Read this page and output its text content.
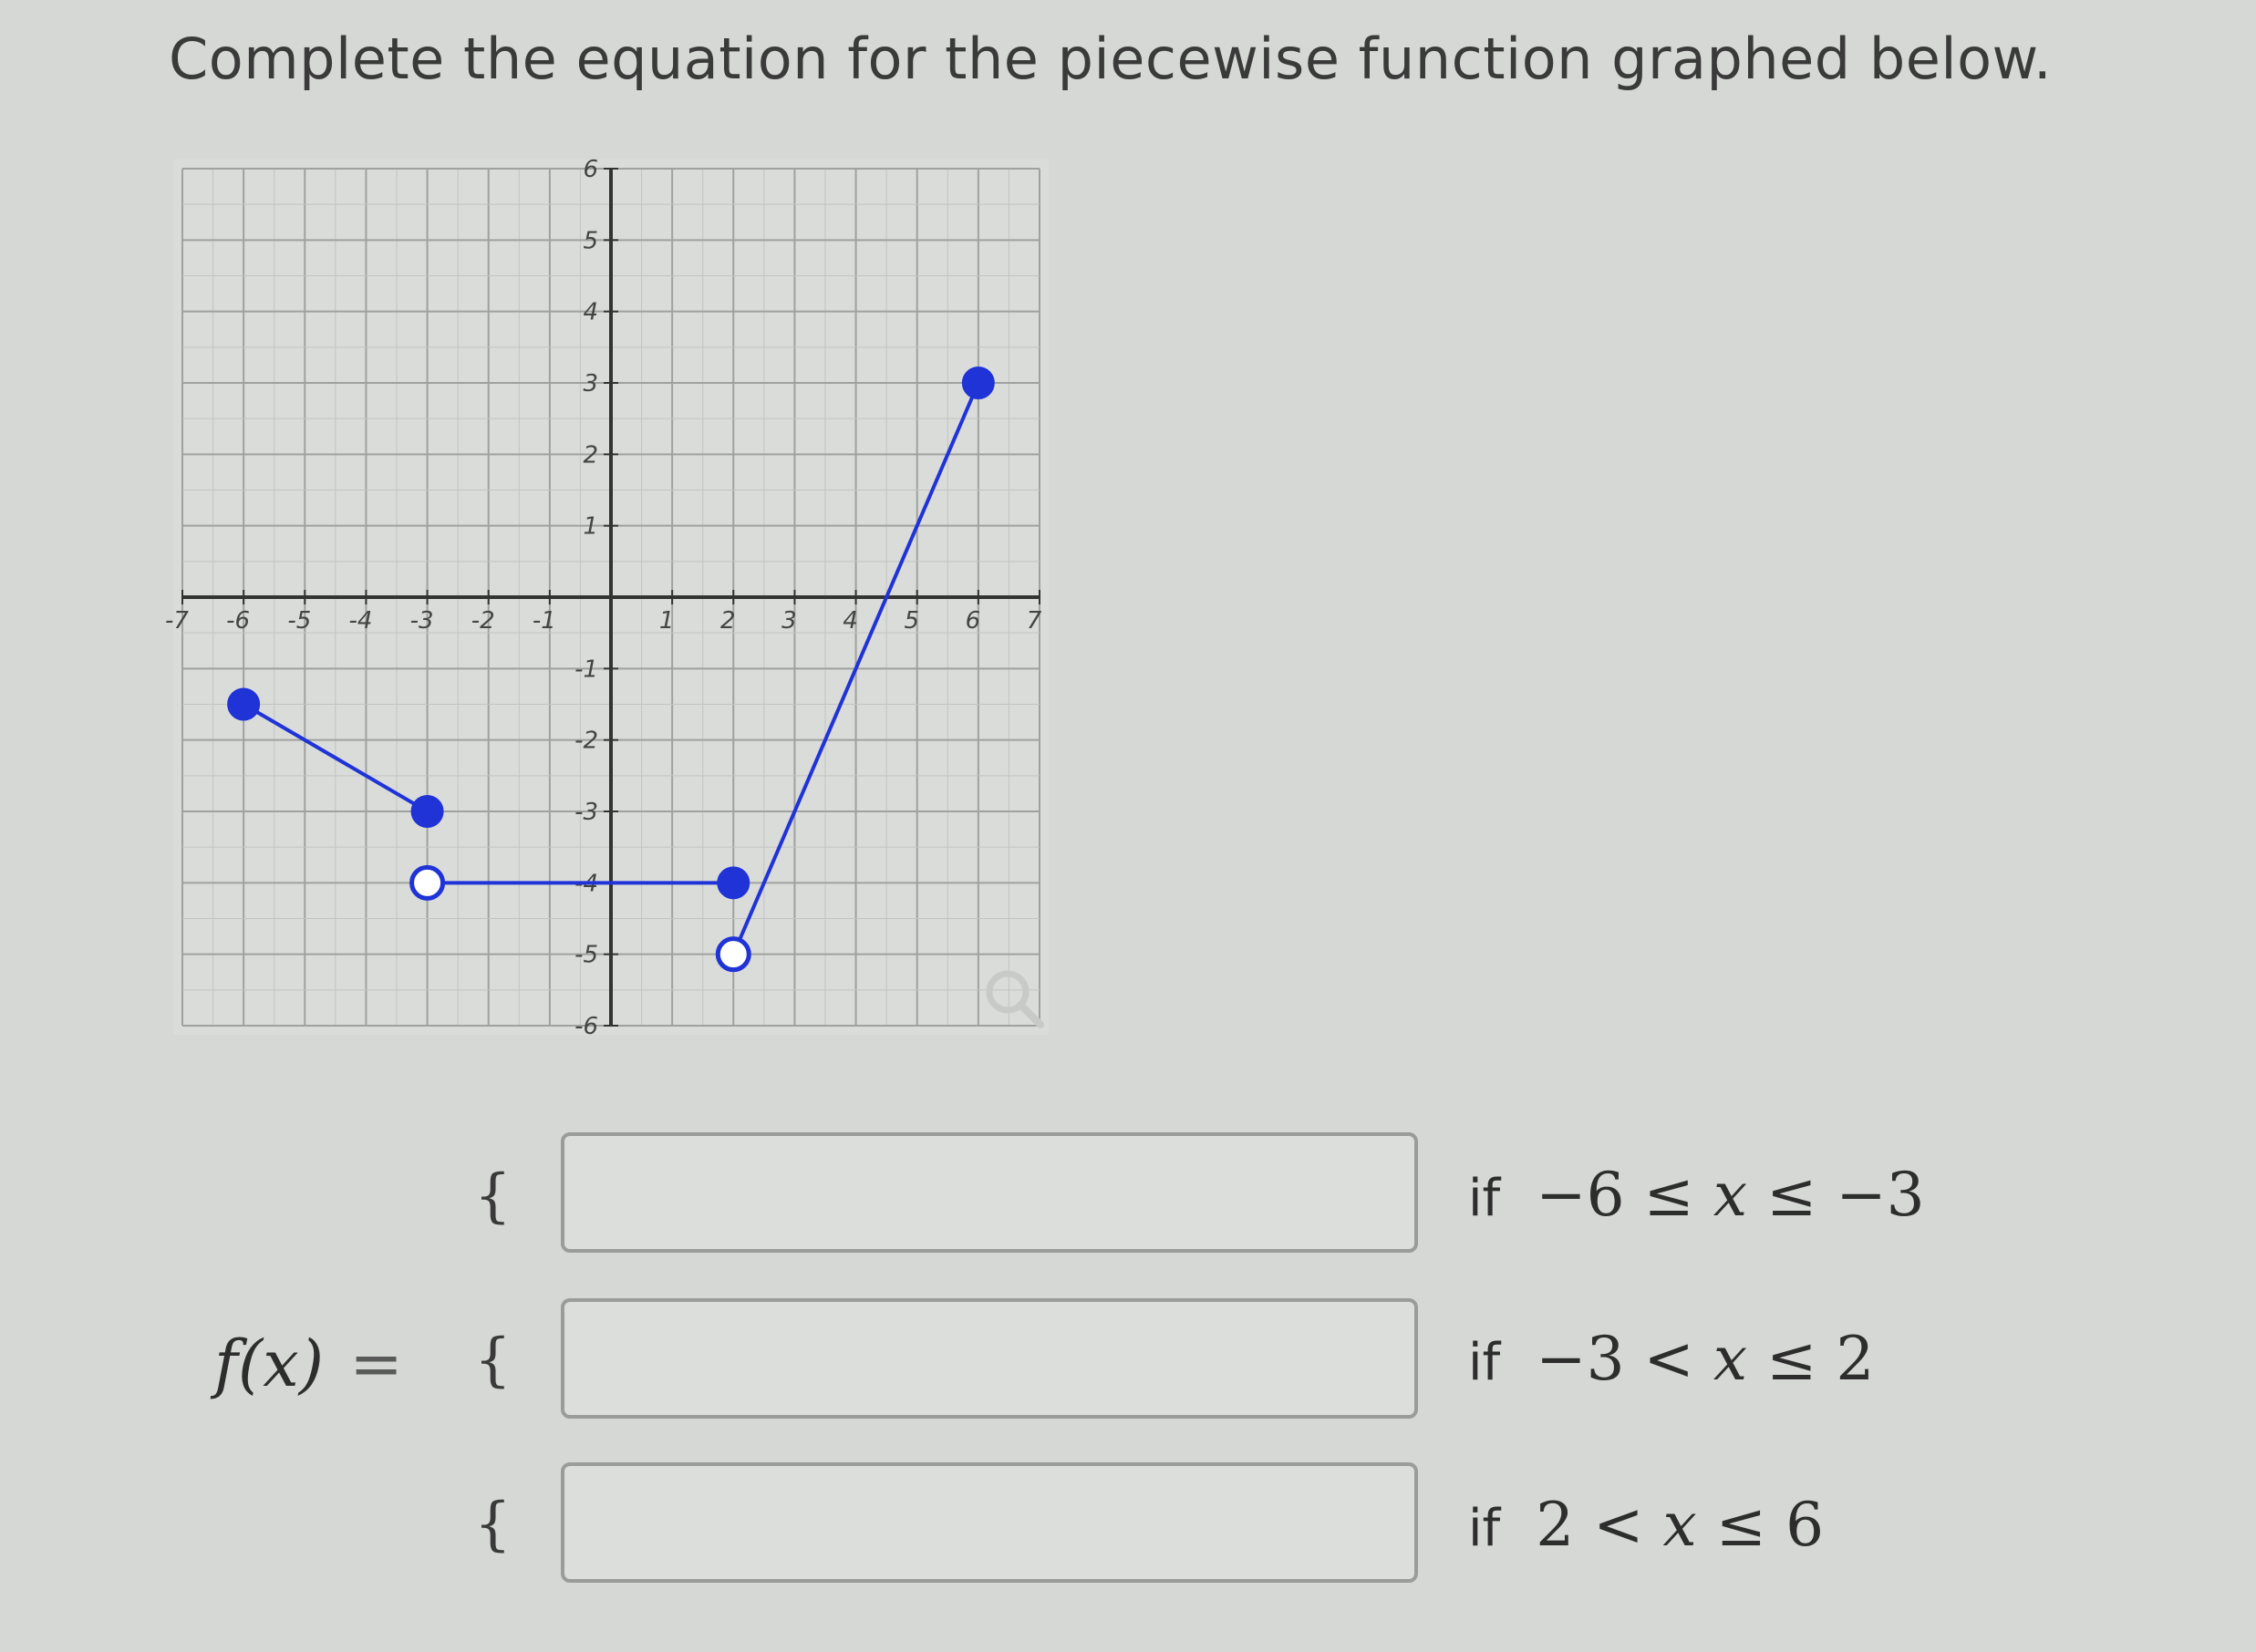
Complete the equation for the piecewise function graphed below.
-7 -6 -5 -4 -3 -2 -1	1 2 3 4 5 6 7
6
5
4
3
2
1
-1
-2
-3
-4
-5
-6
f(x) =
{	if −6 ≤ x ≤ −3
{	if −3 < x ≤ 2
{	if 2 < x ≤ 6
